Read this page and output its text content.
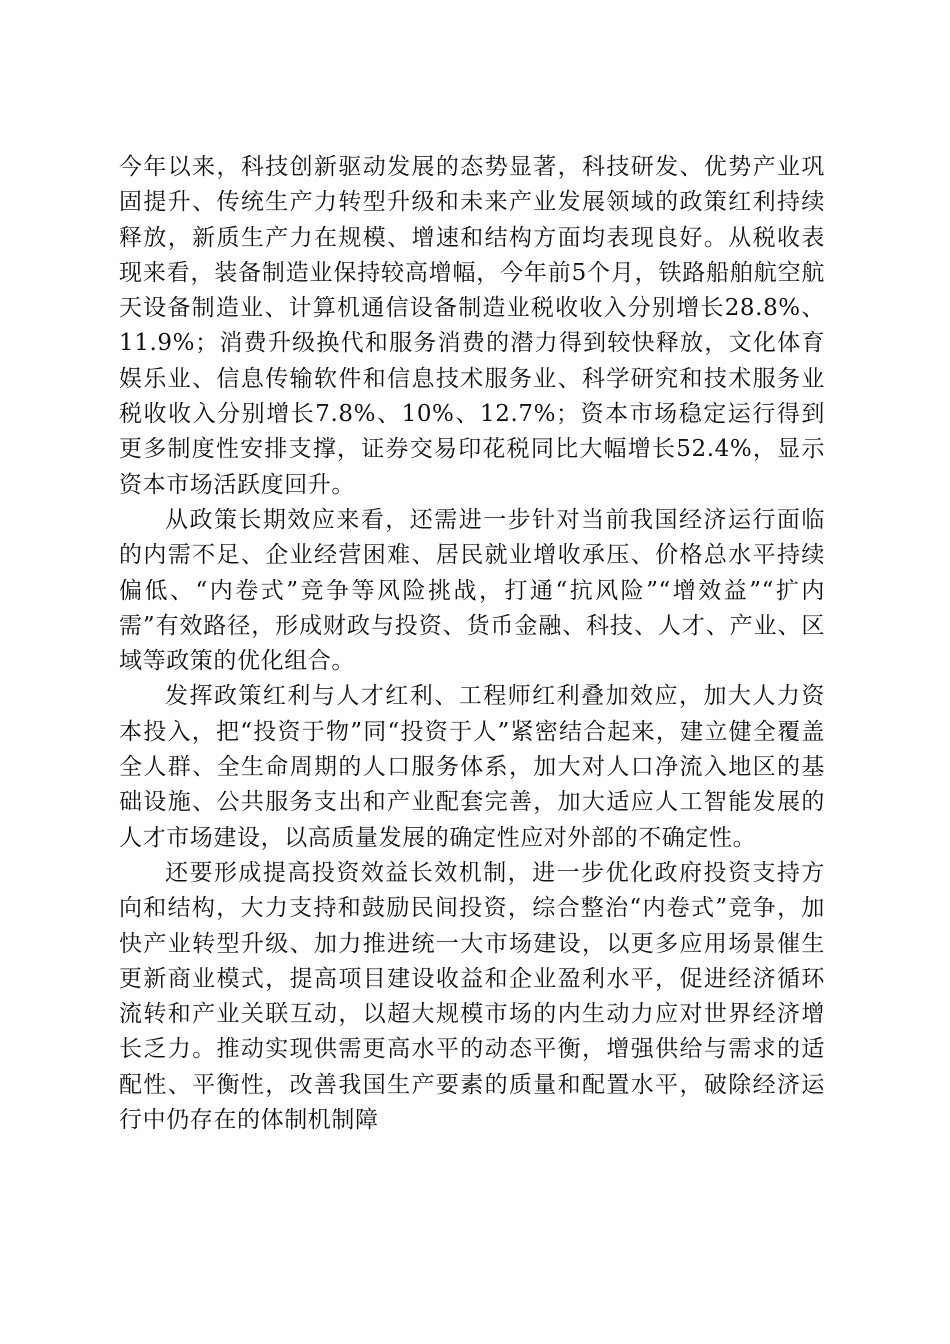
今年以来，科技创新驱动发展的态势显著，科技研发、优势产业巩固提升、传统生产力转型升级和未来产业发展领域的政策红利持续释放，新质生产力在规模、增速和结构方面均表现良好。从税收表现来看，装备制造业保持较高增幅，今年前5个月，铁路船舶航空航天设备制造业、计算机通信设备制造业税收收入分别增长28.8%、11.9%；消费升级换代和服务消费的潜力得到较快释放，文化体育娱乐业、信息传输软件和信息技术服务业、科学研究和技术服务业税收收入分别增长7.8%、10%、12.7%；资本市场稳定运行得到更多制度性安排支撑，证券交易印花税同比大幅增长52.4%，显示资本市场活跃度回升。

从政策长期效应来看，还需进一步针对当前我国经济运行面临的内需不足、企业经营困难、居民就业增收承压、价格总水平持续偏低、“内卷式”竞争等风险挑战，打通“抗风险”“增效益”“扩内需”有效路径，形成财政与投资、货币金融、科技、人才、产业、区域等政策的优化组合。

发挥政策红利与人才红利、工程师红利叠加效应，加大人力资本投入，把“投资于物”同“投资于人”紧密结合起来，建立健全覆盖全人群、全生命周期的人口服务体系，加大对人口净流入地区的基础设施、公共服务支出和产业配套完善，加大适应人工智能发展的人才市场建设，以高质量发展的确定性应对外部的不确定性。

还要形成提高投资效益长效机制，进一步优化政府投资支持方向和结构，大力支持和鼓励民间投资，综合整治“内卷式”竞争，加快产业转型升级、加力推进统一大市场建设，以更多应用场景催生更新商业模式，提高项目建设收益和企业盈利水平，促进经济循环流转和产业关联互动，以超大规模市场的内生动力应对世界经济增长乏力。推动实现供需更高水平的动态平衡，增强供给与需求的适配性、平衡性，改善我国生产要素的质量和配置水平，破除经济运行中仍存在的体制机制障
